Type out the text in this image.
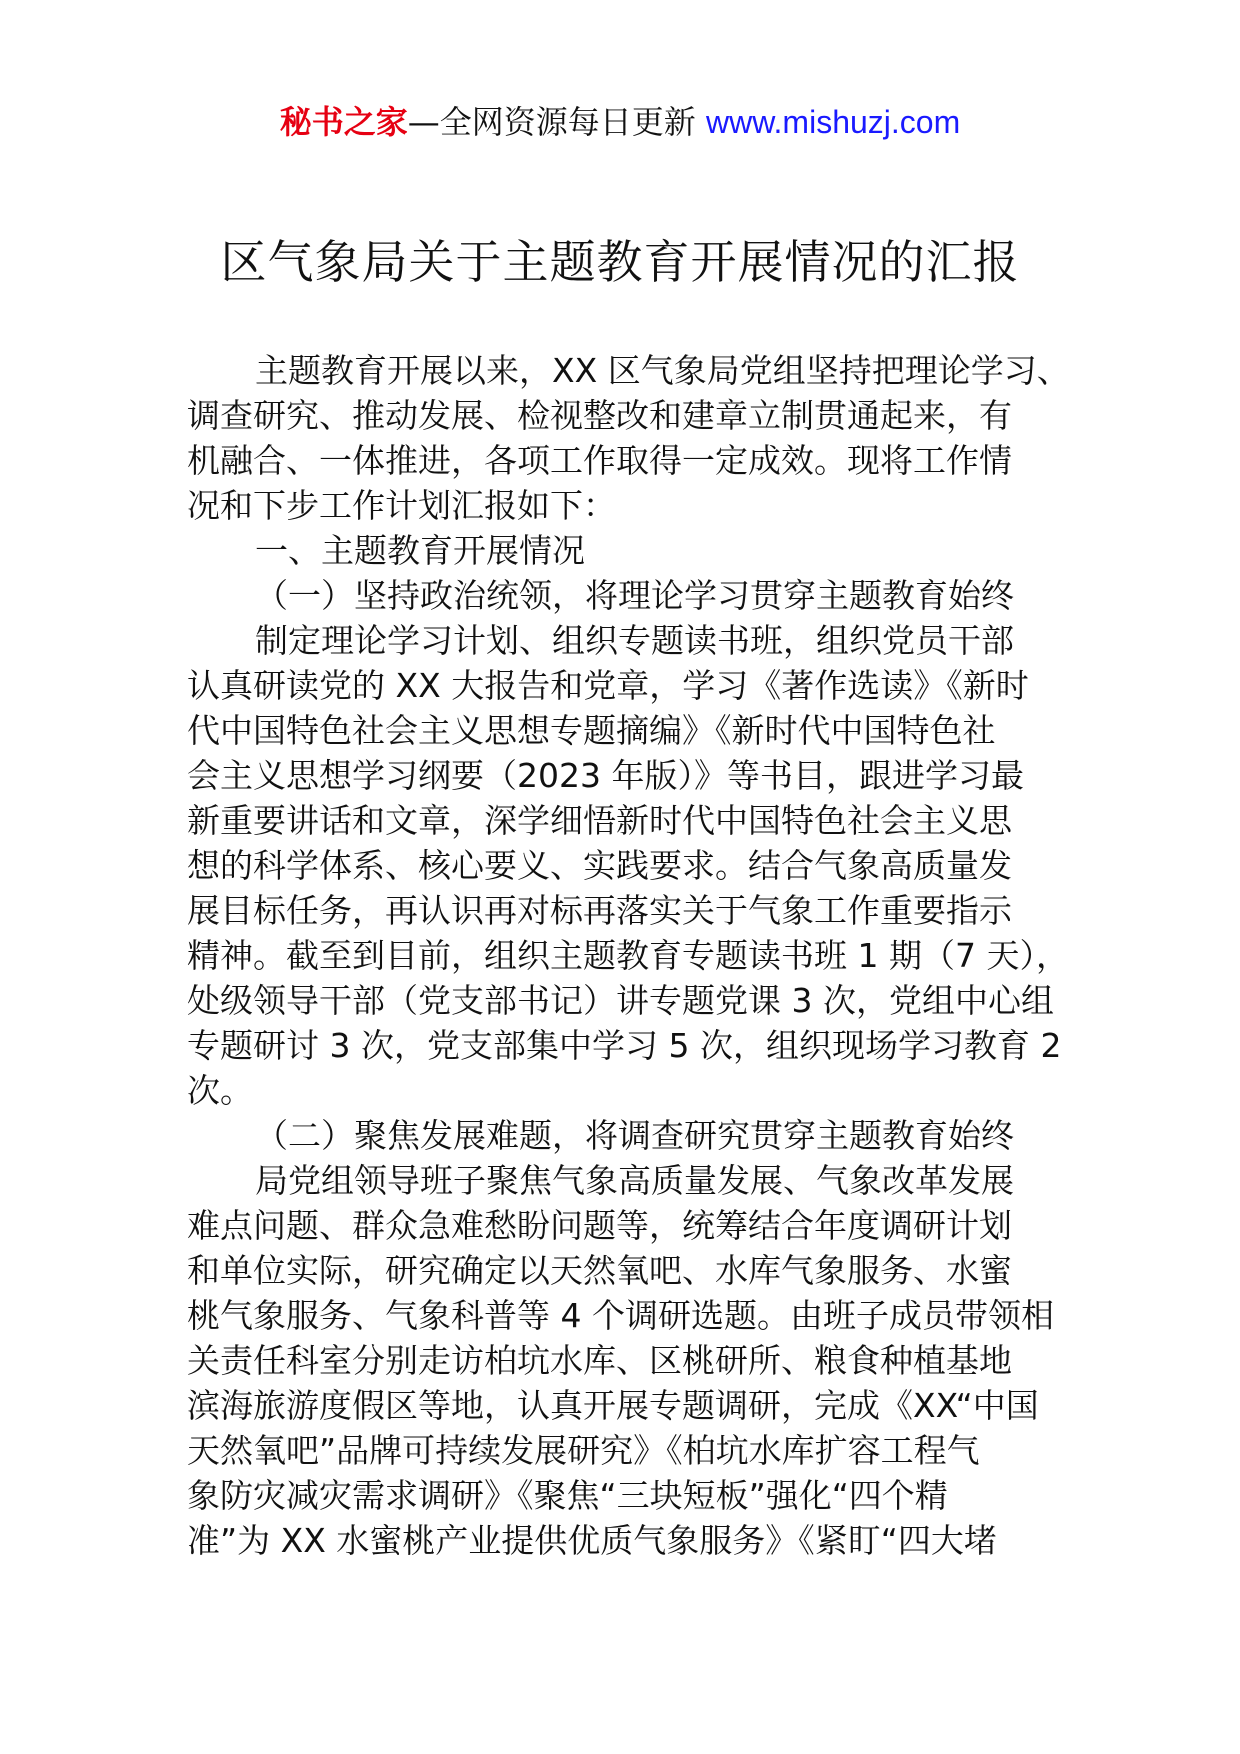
秘书之家—全网资源每日更新 www.mishuzj.com
区气象局关于主题教育开展情况的汇报
主题教育开展以来，XX 区气象局党组坚持把理论学习、
调查研究、推动发展、检视整改和建章立制贯通起来，有
机融合、一体推进，各项工作取得一定成效。现将工作情
况和下步工作计划汇报如下：
一、主题教育开展情况
（一）坚持政治统领，将理论学习贯穿主题教育始终
制定理论学习计划、组织专题读书班，组织党员干部
认真研读党的 XX 大报告和党章，学习《著作选读》《新时
代中国特色社会主义思想专题摘编》《新时代中国特色社
会主义思想学习纲要（2023 年版）》等书目，跟进学习最
新重要讲话和文章，深学细悟新时代中国特色社会主义思
想的科学体系、核心要义、实践要求。结合气象高质量发
展目标任务，再认识再对标再落实关于气象工作重要指示
精神。截至到目前，组织主题教育专题读书班 1 期（7 天），
处级领导干部（党支部书记）讲专题党课 3 次，党组中心组
专题研讨 3 次，党支部集中学习 5 次，组织现场学习教育 2
次。
（二）聚焦发展难题，将调查研究贯穿主题教育始终
局党组领导班子聚焦气象高质量发展、气象改革发展
难点问题、群众急难愁盼问题等，统筹结合年度调研计划
和单位实际，研究确定以天然氧吧、水库气象服务、水蜜
桃气象服务、气象科普等 4 个调研选题。由班子成员带领相
关责任科室分别走访柏坑水库、区桃研所、粮食种植基地
滨海旅游度假区等地，认真开展专题调研，完成《XX“中国
天然氧吧”品牌可持续发展研究》《柏坑水库扩容工程气
象防灾减灾需求调研》《聚焦“三块短板”强化“四个精
准”为 XX 水蜜桃产业提供优质气象服务》《紧盯“四大堵
